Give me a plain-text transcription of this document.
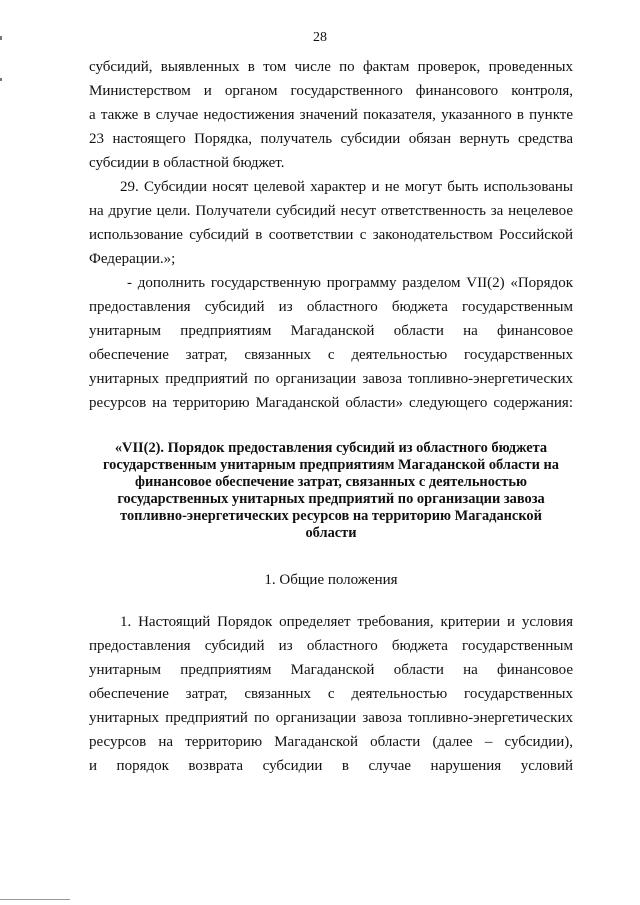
28
субсидий, выявленных в том числе по фактам проверок, проведенных
Министерством и органом государственного финансового контроля,
а также в случае недостижения значений показателя, указанного в пункте
23 настоящего Порядка, получатель субсидии обязан вернуть средства
субсидии в областной бюджет.
29. Субсидии носят целевой характер и не могут быть использованы
на другие цели. Получатели субсидий несут ответственность за нецелевое
использование субсидий в соответствии с законодательством Российской
Федерации.»;
- дополнить государственную программу разделом VII(2) «Порядок
предоставления субсидий из областного бюджета государственным
унитарным предприятиям Магаданской области на финансовое
обеспечение затрат, связанных с деятельностью государственных
унитарных предприятий по организации завоза топливно-энергетических
ресурсов на территорию Магаданской области» следующего содержания:
«VII(2). Порядок предоставления субсидий из областного бюджета
государственным унитарным предприятиям Магаданской области на
финансовое обеспечение затрат, связанных с деятельностью
государственных унитарных предприятий по организации завоза
топливно-энергетических ресурсов на территорию Магаданской
области
1. Общие положения
1. Настоящий Порядок определяет требования, критерии и условия
предоставления субсидий из областного бюджета государственным
унитарным предприятиям Магаданской области на финансовое
обеспечение затрат, связанных с деятельностью государственных
унитарных предприятий по организации завоза топливно-энергетических
ресурсов на территорию Магаданской области (далее – субсидии),
и порядок возврата субсидии в случае нарушения условий
